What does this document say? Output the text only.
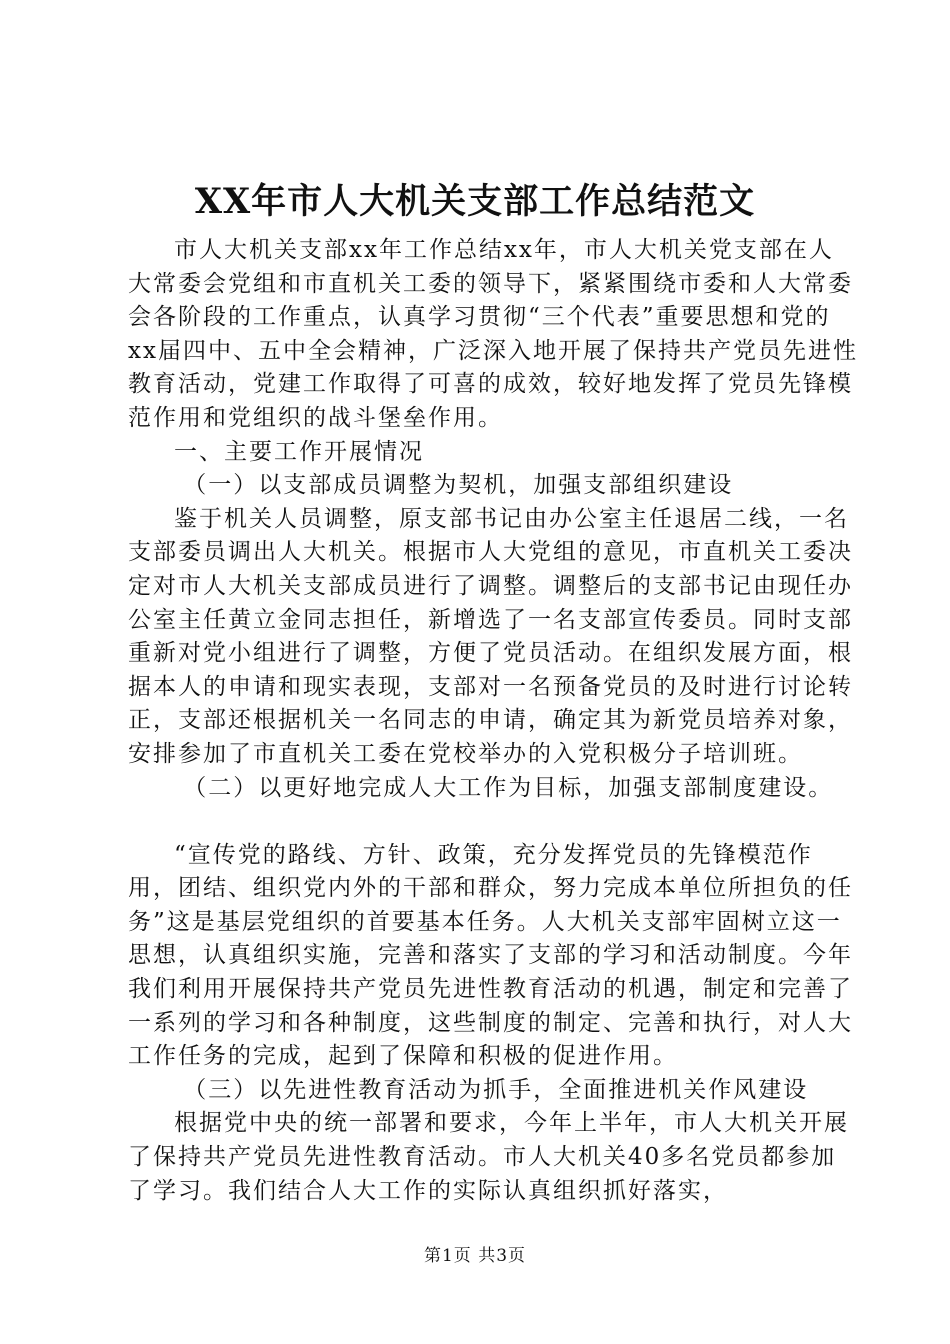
XX年市人大机关支部工作总结范文

市人大机关支部xx年工作总结xx年，市人大机关党支部在人大常委会党组和市直机关工委的领导下，紧紧围绕市委和人大常委会各阶段的工作重点，认真学习贯彻“三个代表”重要思想和党的xx届四中、五中全会精神，广泛深入地开展了保持共产党员先进性教育活动，党建工作取得了可喜的成效，较好地发挥了党员先锋模范作用和党组织的战斗堡垒作用。

一、主要工作开展情况

（一）以支部成员调整为契机，加强支部组织建设

鉴于机关人员调整，原支部书记由办公室主任退居二线，一名支部委员调出人大机关。根据市人大党组的意见，市直机关工委决定对市人大机关支部成员进行了调整。调整后的支部书记由现任办公室主任黄立金同志担任，新增选了一名支部宣传委员。同时支部重新对党小组进行了调整，方便了党员活动。在组织发展方面，根据本人的申请和现实表现，支部对一名预备党员的及时进行讨论转正，支部还根据机关一名同志的申请，确定其为新党员培养对象，安排参加了市直机关工委在党校举办的入党积极分子培训班。

（二）以更好地完成人大工作为目标，加强支部制度建设。

“宣传党的路线、方针、政策，充分发挥党员的先锋模范作用，团结、组织党内外的干部和群众，努力完成本单位所担负的任务”这是基层党组织的首要基本任务。人大机关支部牢固树立这一思想，认真组织实施，完善和落实了支部的学习和活动制度。今年我们利用开展保持共产党员先进性教育活动的机遇，制定和完善了一系列的学习和各种制度，这些制度的制定、完善和执行，对人大工作任务的完成，起到了保障和积极的促进作用。

（三）以先进性教育活动为抓手，全面推进机关作风建设

根据党中央的统一部署和要求，今年上半年，市人大机关开展了保持共产党员先进性教育活动。市人大机关40多名党员都参加了学习。我们结合人大工作的实际认真组织抓好落实，

第1页 共3页
